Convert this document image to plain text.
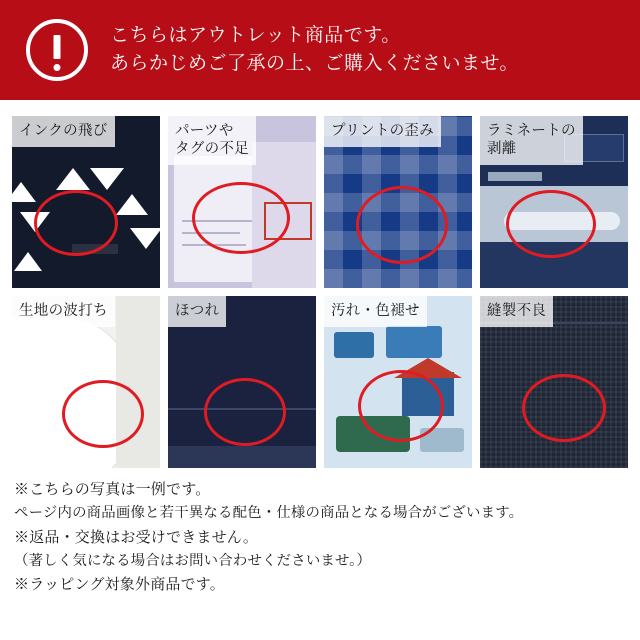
こちらはアウトレット商品です。
あらかじめご了承の上、ご購入くださいませ。
インクの飛び	パーツや
タグの不足
プリントの歪み	ラミネートの
剥離
生地の波打ち	ほつれ	汚れ・色褪せ	縫製不良
※こちらの写真は一例です。
ページ内の商品画像と若干異なる配色・仕様の商品となる場合がございます。
※返品・交換はお受けできません。
（著しく気になる場合はお問い合わせくださいませ。）
※ラッピング対象外商品です。
